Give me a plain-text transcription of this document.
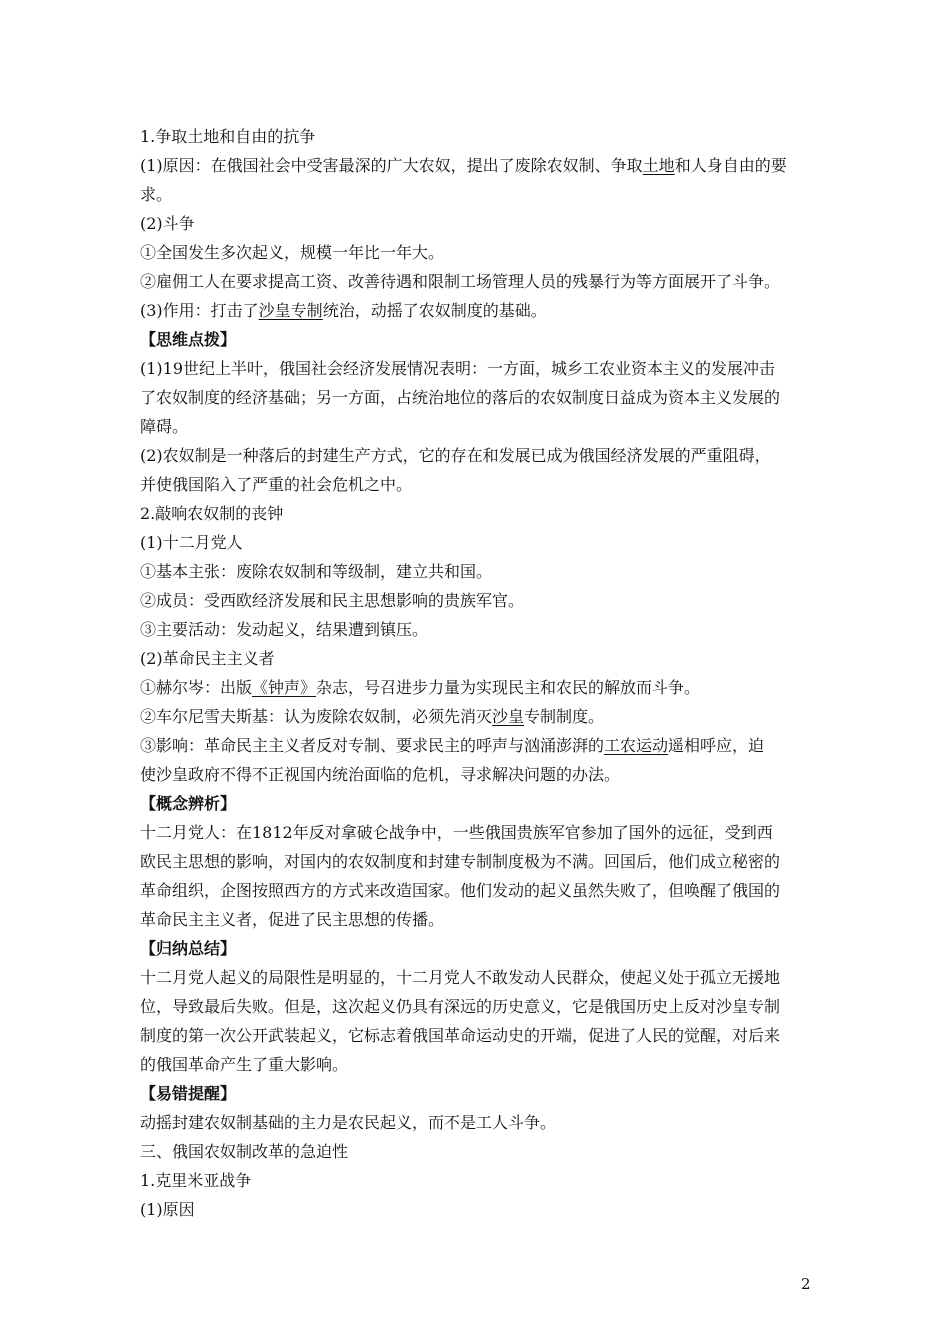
1.争取土地和自由的抗争
(1)原因：在俄国社会中受害最深的广大农奴，提出了废除农奴制、争取土地和人身自由的要
求。
(2)斗争
①全国发生多次起义，规模一年比一年大。
②雇佣工人在要求提高工资、改善待遇和限制工场管理人员的残暴行为等方面展开了斗争。
(3)作用：打击了沙皇专制统治，动摇了农奴制度的基础。
【思维点拨】
(1)19世纪上半叶，俄国社会经济发展情况表明：一方面，城乡工农业资本主义的发展冲击
了农奴制度的经济基础；另一方面，占统治地位的落后的农奴制度日益成为资本主义发展的
障碍。
(2)农奴制是一种落后的封建生产方式，它的存在和发展已成为俄国经济发展的严重阻碍，
并使俄国陷入了严重的社会危机之中。
2.敲响农奴制的丧钟
(1)十二月党人
①基本主张：废除农奴制和等级制，建立共和国。
②成员：受西欧经济发展和民主思想影响的贵族军官。
③主要活动：发动起义，结果遭到镇压。
(2)革命民主主义者
①赫尔岑：出版《钟声》杂志，号召进步力量为实现民主和农民的解放而斗争。
②车尔尼雪夫斯基：认为废除农奴制，必须先消灭沙皇专制制度。
③影响：革命民主主义者反对专制、要求民主的呼声与汹涌澎湃的工农运动遥相呼应，迫
使沙皇政府不得不正视国内统治面临的危机，寻求解决问题的办法。
【概念辨析】
十二月党人：在1812年反对拿破仑战争中，一些俄国贵族军官参加了国外的远征，受到西
欧民主思想的影响，对国内的农奴制度和封建专制制度极为不满。回国后，他们成立秘密的
革命组织，企图按照西方的方式来改造国家。他们发动的起义虽然失败了，但唤醒了俄国的
革命民主主义者，促进了民主思想的传播。
【归纳总结】
十二月党人起义的局限性是明显的，十二月党人不敢发动人民群众，使起义处于孤立无援地
位，导致最后失败。但是，这次起义仍具有深远的历史意义，它是俄国历史上反对沙皇专制
制度的第一次公开武装起义，它标志着俄国革命运动史的开端，促进了人民的觉醒，对后来
的俄国革命产生了重大影响。
【易错提醒】
动摇封建农奴制基础的主力是农民起义，而不是工人斗争。
三、俄国农奴制改革的急迫性
1.克里米亚战争
(1)原因
2
